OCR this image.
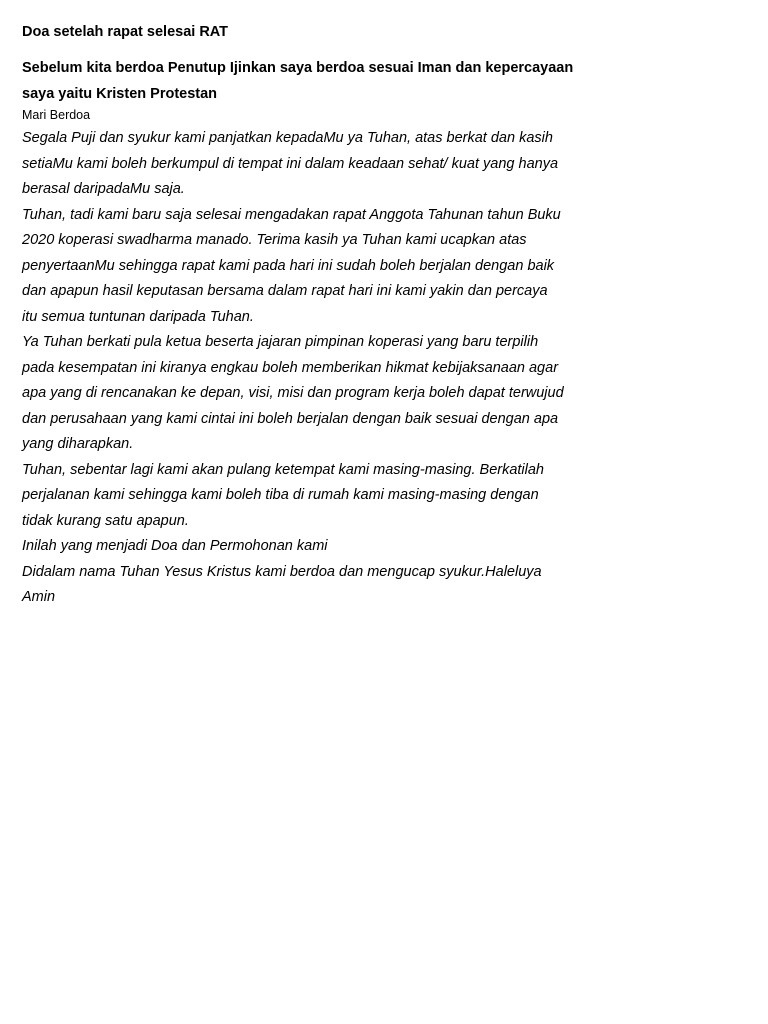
Doa setelah rapat selesai RAT
Sebelum kita berdoa Penutup Ijinkan saya berdoa sesuai Iman dan kepercayaan
saya yaitu Kristen Protestan
Mari Berdoa
Segala Puji dan syukur kami panjatkan kepadaMu ya Tuhan, atas berkat dan kasih
setiaMu kami boleh berkumpul di tempat ini dalam keadaan sehat/ kuat yang hanya
berasal daripadaMu saja.
Tuhan, tadi kami baru saja selesai mengadakan rapat Anggota Tahunan tahun Buku
2020 koperasi swadharma manado. Terima kasih ya Tuhan kami ucapkan atas
penyertaanMu sehingga rapat kami pada hari ini sudah boleh berjalan dengan baik
dan apapun hasil keputasan bersama dalam rapat hari ini kami yakin dan percaya
itu semua tuntunan daripada Tuhan.
Ya Tuhan berkati pula ketua beserta jajaran pimpinan koperasi yang baru terpilih
pada kesempatan ini kiranya engkau boleh memberikan hikmat kebijaksanaan agar
apa yang di rencanakan ke depan, visi, misi dan program kerja boleh dapat terwujud
dan perusahaan yang kami cintai ini boleh berjalan dengan baik sesuai dengan apa
yang diharapkan.
Tuhan, sebentar lagi kami akan pulang ketempat kami masing-masing. Berkatilah
perjalanan kami sehingga kami boleh tiba di rumah kami masing-masing dengan
tidak kurang satu apapun.
Inilah yang menjadi Doa dan Permohonan kami
Didalam nama Tuhan Yesus Kristus kami berdoa dan mengucap syukur.Haleluya
Amin
